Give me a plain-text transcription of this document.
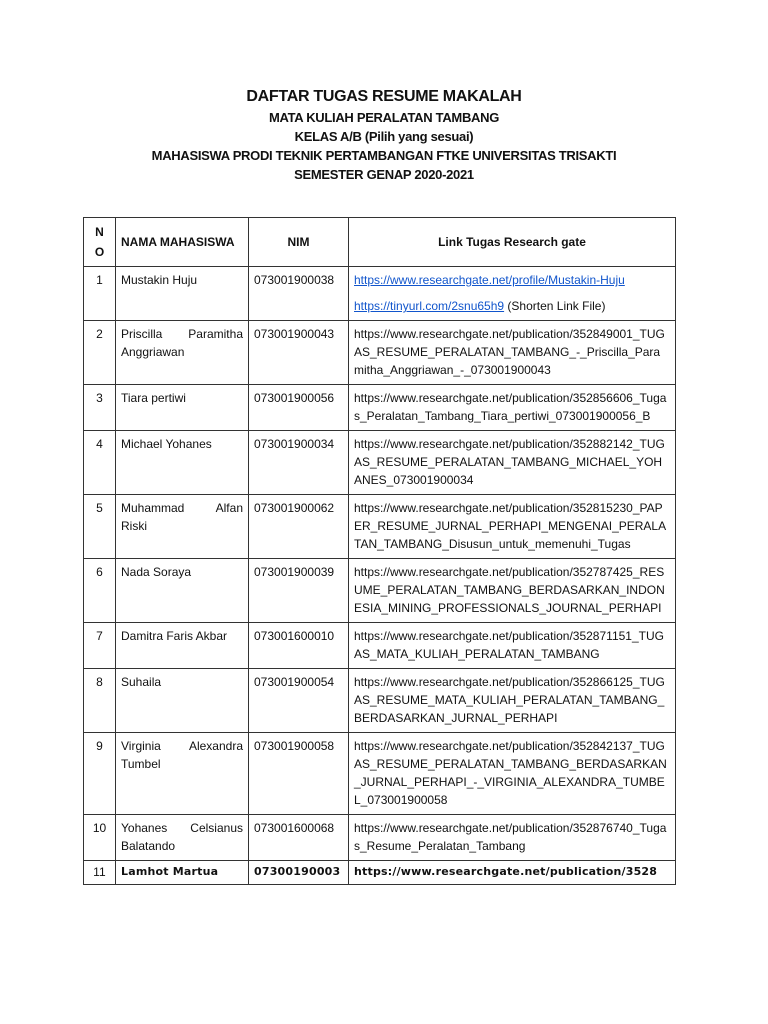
DAFTAR TUGAS RESUME MAKALAH
MATA KULIAH PERALATAN TAMBANG
KELAS A/B (Pilih yang sesuai)
MAHASISWA PRODI TEKNIK PERTAMBANGAN FTKE UNIVERSITAS TRISAKTI
SEMESTER GENAP 2020-2021
N
O	NAMA MAHASISWA	NIM	Link Tugas Research gate
1	Mustakin Huju	073001900038	https://www.researchgate.net/profile/Mustakin-Huju
https://tinyurl.com/2snu65h9 (Shorten Link File)

2	Priscilla Paramitha Anggriawan	073001900043	https://www.researchgate.net/publication/352849001_TUGAS_RESUME_PERALATAN_TAMBANG_-_Priscilla_Paramitha_Anggriawan_-_073001900043
3	Tiara pertiwi	073001900056	https://www.researchgate.net/publication/352856606_Tugas_Peralatan_Tambang_Tiara_pertiwi_073001900056_B
4	Michael Yohanes	073001900034	https://www.researchgate.net/publication/352882142_TUGAS_RESUME_PERALATAN_TAMBANG_MICHAEL_YOHANES_073001900034
5	Muhammad Alfan Riski	073001900062	https://www.researchgate.net/publication/352815230_PAPER_RESUME_JURNAL_PERHAPI_MENGENAI_PERALATAN_TAMBANG_Disusun_untuk_memenuhi_Tugas
6	Nada Soraya	073001900039	https://www.researchgate.net/publication/352787425_RESUME_PERALATAN_TAMBANG_BERDASARKAN_INDONESIA_MINING_PROFESSIONALS_JOURNAL_PERHAPI
7	Damitra Faris Akbar	073001600010	https://www.researchgate.net/publication/352871151_TUGAS_MATA_KULIAH_PERALATAN_TAMBANG
8	Suhaila	073001900054	https://www.researchgate.net/publication/352866125_TUGAS_RESUME_MATA_KULIAH_PERALATAN_TAMBANG_BERDASARKAN_JURNAL_PERHAPI
9	Virginia Alexandra Tumbel	073001900058	https://www.researchgate.net/publication/352842137_TUGAS_RESUME_PERALATAN_TAMBANG_BERDASARKAN_JURNAL_PERHAPI_-_VIRGINIA_ALEXANDRA_TUMBEL_073001900058
10	Yohanes Celsianus Balatando	073001600068	https://www.researchgate.net/publication/352876740_Tugas_Resume_Peralatan_Tambang
11	Lamhot Martua	07300190003	https://www.researchgate.net/publication/3528
